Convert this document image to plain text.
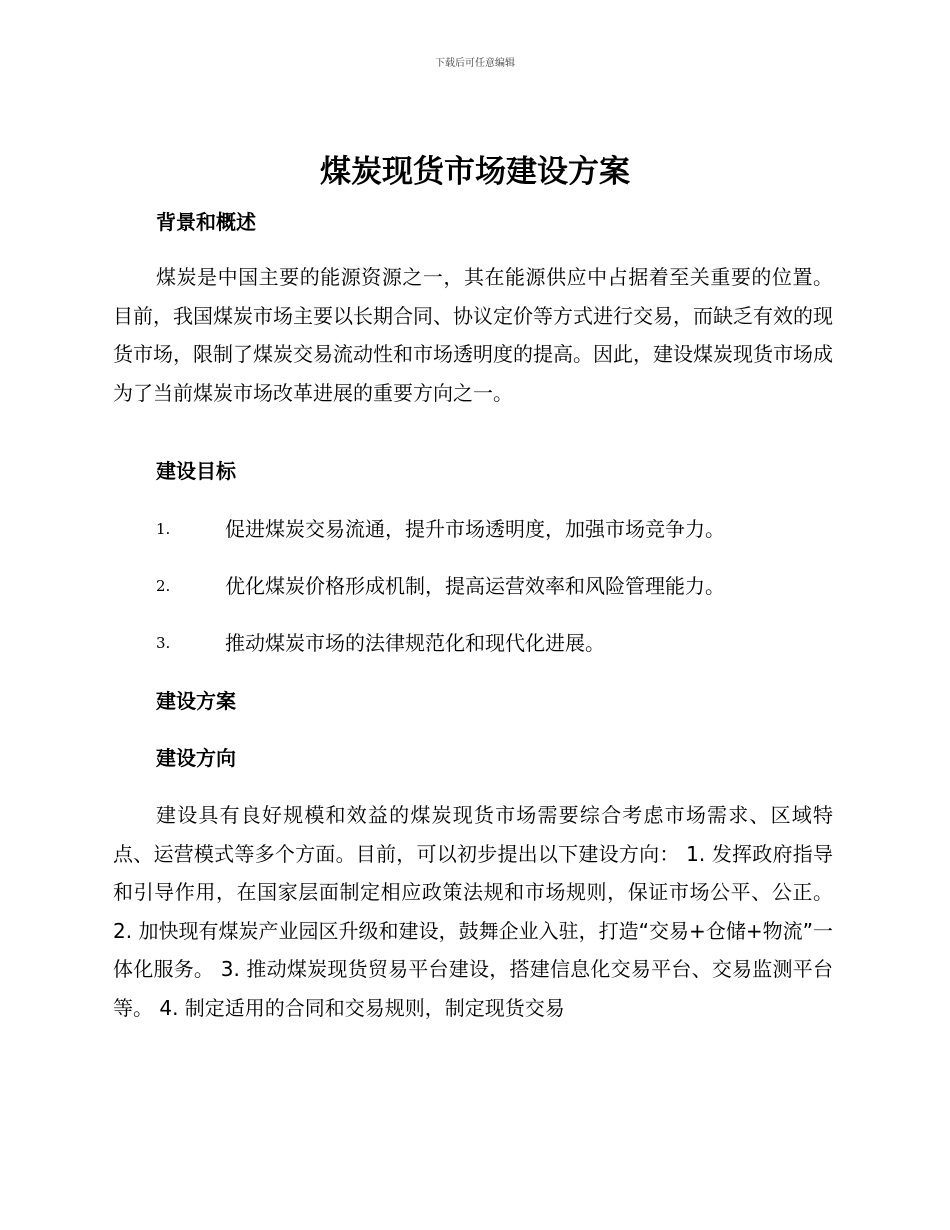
下载后可任意编辑
煤炭现货市场建设方案
背景和概述

煤炭是中国主要的能源资源之一，其在能源供应中占据着至关重要的位置。目前，我国煤炭市场主要以长期合同、协议定价等方式进行交易，而缺乏有效的现货市场，限制了煤炭交易流动性和市场透明度的提高。因此，建设煤炭现货市场成为了当前煤炭市场改革进展的重要方向之一。

建设目标
1.	促进煤炭交易流通，提升市场透明度，加强市场竞争力。
2.	优化煤炭价格形成机制，提高运营效率和风险管理能力。
3.	推动煤炭市场的法律规范化和现代化进展。
建设方案
建设方向

建设具有良好规模和效益的煤炭现货市场需要综合考虑市场需求、区域特点、运营模式等多个方面。目前，可以初步提出以下建设方向： 1. 发挥政府指导和引导作用，在国家层面制定相应政策法规和市场规则，保证市场公平、公正。 2. 加快现有煤炭产业园区升级和建设，鼓舞企业入驻，打造“交易+仓储+物流”一体化服务。 3. 推动煤炭现货贸易平台建设，搭建信息化交易平台、交易监测平台等。 4. 制定适用的合同和交易规则，制定现货交易
